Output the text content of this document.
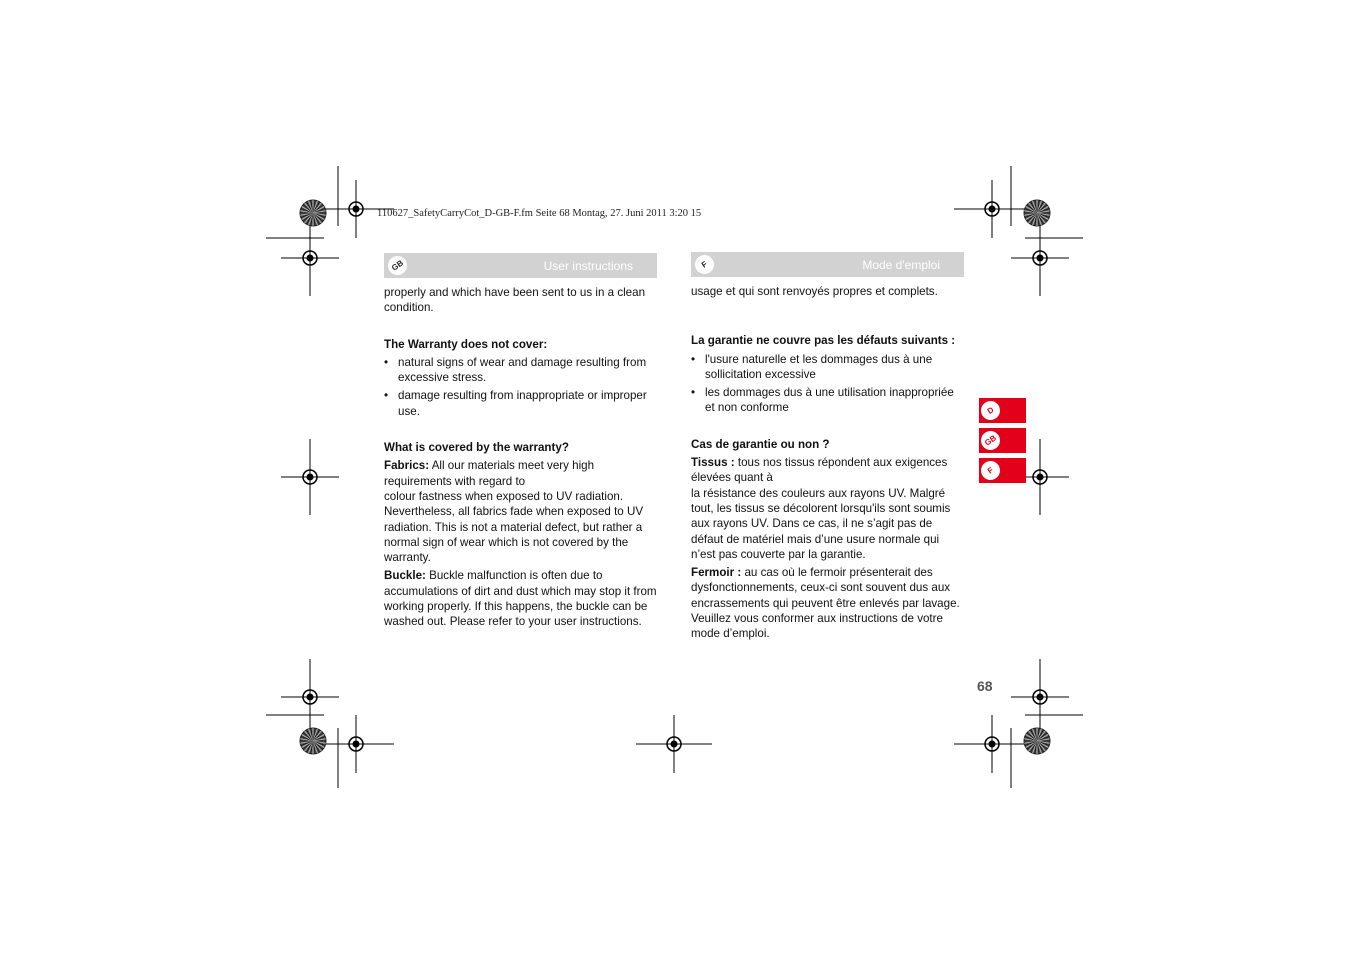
110627_SafetyCarryCot_D-GB-F.fm Seite 68 Montag, 27. Juni 2011 3:20 15
GB	User instructions

properly and which have been sent to us in a clean condition.

The Warranty does not cover:
• natural signs of wear and damage resulting from excessive stress.
• damage resulting from inappropriate or improper use.
What is covered by the warranty?

Fabrics: All our materials meet very high requirements with regard to

colour fastness when exposed to UV radiation. Nevertheless, all fabrics fade when exposed to UV radiation. This is not a material defect, but rather a normal sign of wear which is not covered by the warranty.

Buckle: Buckle malfunction is often due to accumulations of dirt and dust which may stop it from working properly. If this happens, the buckle can be washed out. Please refer to your user instructions.

F	Mode d'emploi

usage et qui sont renvoyés propres et complets.

La garantie ne couvre pas les défauts suivants :
• l'usure naturelle et les dommages dus à une sollicitation excessive
• les dommages dus à une utilisation inappropriée et non conforme
Cas de garantie ou non ?

Tissus : tous nos tissus répondent aux exigences élevées quant à

la résistance des couleurs aux rayons UV. Malgré tout, les tissus se décolorent lorsqu'ils sont soumis aux rayons UV. Dans ce cas, il ne s’agit pas de défaut de matériel mais d’une usure normale qui n’est pas couverte par la garantie.

Fermoir : au cas où le fermoir présenterait des dysfonctionnements, ceux-ci sont souvent dus aux encrassements qui peuvent être enlevés par lavage. Veuillez vous conformer aux instructions de votre mode d’emploi.

D
GB
F
68
